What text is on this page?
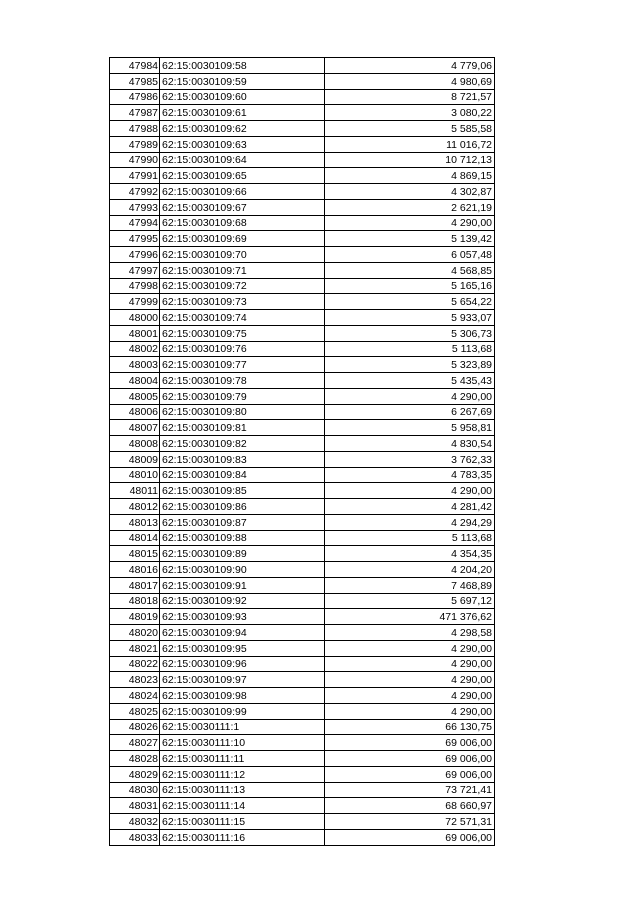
47984	62:15:0030109:58	4 779,06
47985	62:15:0030109:59	4 980,69
47986	62:15:0030109:60	8 721,57
47987	62:15:0030109:61	3 080,22
47988	62:15:0030109:62	5 585,58
47989	62:15:0030109:63	11 016,72
47990	62:15:0030109:64	10 712,13
47991	62:15:0030109:65	4 869,15
47992	62:15:0030109:66	4 302,87
47993	62:15:0030109:67	2 621,19
47994	62:15:0030109:68	4 290,00
47995	62:15:0030109:69	5 139,42
47996	62:15:0030109:70	6 057,48
47997	62:15:0030109:71	4 568,85
47998	62:15:0030109:72	5 165,16
47999	62:15:0030109:73	5 654,22
48000	62:15:0030109:74	5 933,07
48001	62:15:0030109:75	5 306,73
48002	62:15:0030109:76	5 113,68
48003	62:15:0030109:77	5 323,89
48004	62:15:0030109:78	5 435,43
48005	62:15:0030109:79	4 290,00
48006	62:15:0030109:80	6 267,69
48007	62:15:0030109:81	5 958,81
48008	62:15:0030109:82	4 830,54
48009	62:15:0030109:83	3 762,33
48010	62:15:0030109:84	4 783,35
48011	62:15:0030109:85	4 290,00
48012	62:15:0030109:86	4 281,42
48013	62:15:0030109:87	4 294,29
48014	62:15:0030109:88	5 113,68
48015	62:15:0030109:89	4 354,35
48016	62:15:0030109:90	4 204,20
48017	62:15:0030109:91	7 468,89
48018	62:15:0030109:92	5 697,12
48019	62:15:0030109:93	471 376,62
48020	62:15:0030109:94	4 298,58
48021	62:15:0030109:95	4 290,00
48022	62:15:0030109:96	4 290,00
48023	62:15:0030109:97	4 290,00
48024	62:15:0030109:98	4 290,00
48025	62:15:0030109:99	4 290,00
48026	62:15:0030111:1	66 130,75
48027	62:15:0030111:10	69 006,00
48028	62:15:0030111:11	69 006,00
48029	62:15:0030111:12	69 006,00
48030	62:15:0030111:13	73 721,41
48031	62:15:0030111:14	68 660,97
48032	62:15:0030111:15	72 571,31
48033	62:15:0030111:16	69 006,00
